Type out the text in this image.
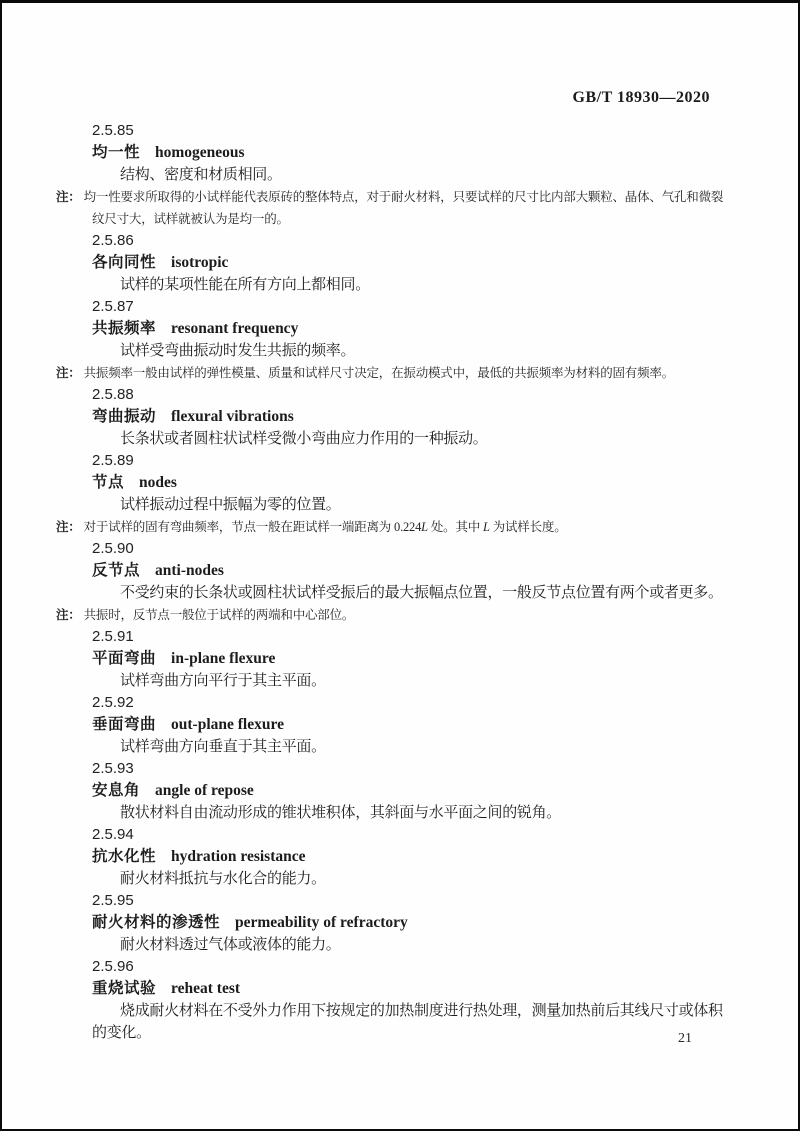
GB/T 18930—2020

2.5.85

均一性 homogeneous

结构、密度和材质相同。

注： 均一性要求所取得的小试样能代表原砖的整体特点，对于耐火材料，只要试样的尺寸比内部大颗粒、晶体、气孔和微裂纹尺寸大，试样就被认为是均一的。

2.5.86

各向同性 isotropic

试样的某项性能在所有方向上都相同。

2.5.87

共振频率 resonant frequency

试样受弯曲振动时发生共振的频率。

注： 共振频率一般由试样的弹性模量、质量和试样尺寸决定，在振动模式中，最低的共振频率为材料的固有频率。

2.5.88

弯曲振动 flexural vibrations

长条状或者圆柱状试样受微小弯曲应力作用的一种振动。

2.5.89

节点 nodes

试样振动过程中振幅为零的位置。

注： 对于试样的固有弯曲频率，节点一般在距试样一端距离为 0.224L 处。其中 L 为试样长度。

2.5.90

反节点 anti-nodes

不受约束的长条状或圆柱状试样受振后的最大振幅点位置，一般反节点位置有两个或者更多。

注： 共振时，反节点一般位于试样的两端和中心部位。

2.5.91

平面弯曲 in-plane flexure

试样弯曲方向平行于其主平面。

2.5.92

垂面弯曲 out-plane flexure

试样弯曲方向垂直于其主平面。

2.5.93

安息角 angle of repose

散状材料自由流动形成的锥状堆积体，其斜面与水平面之间的锐角。

2.5.94

抗水化性 hydration resistance

耐火材料抵抗与水化合的能力。

2.5.95

耐火材料的渗透性 permeability of refractory

耐火材料透过气体或液体的能力。

2.5.96

重烧试验 reheat test

烧成耐火材料在不受外力作用下按规定的加热制度进行热处理，测量加热前后其线尺寸或体积的变化。	21
